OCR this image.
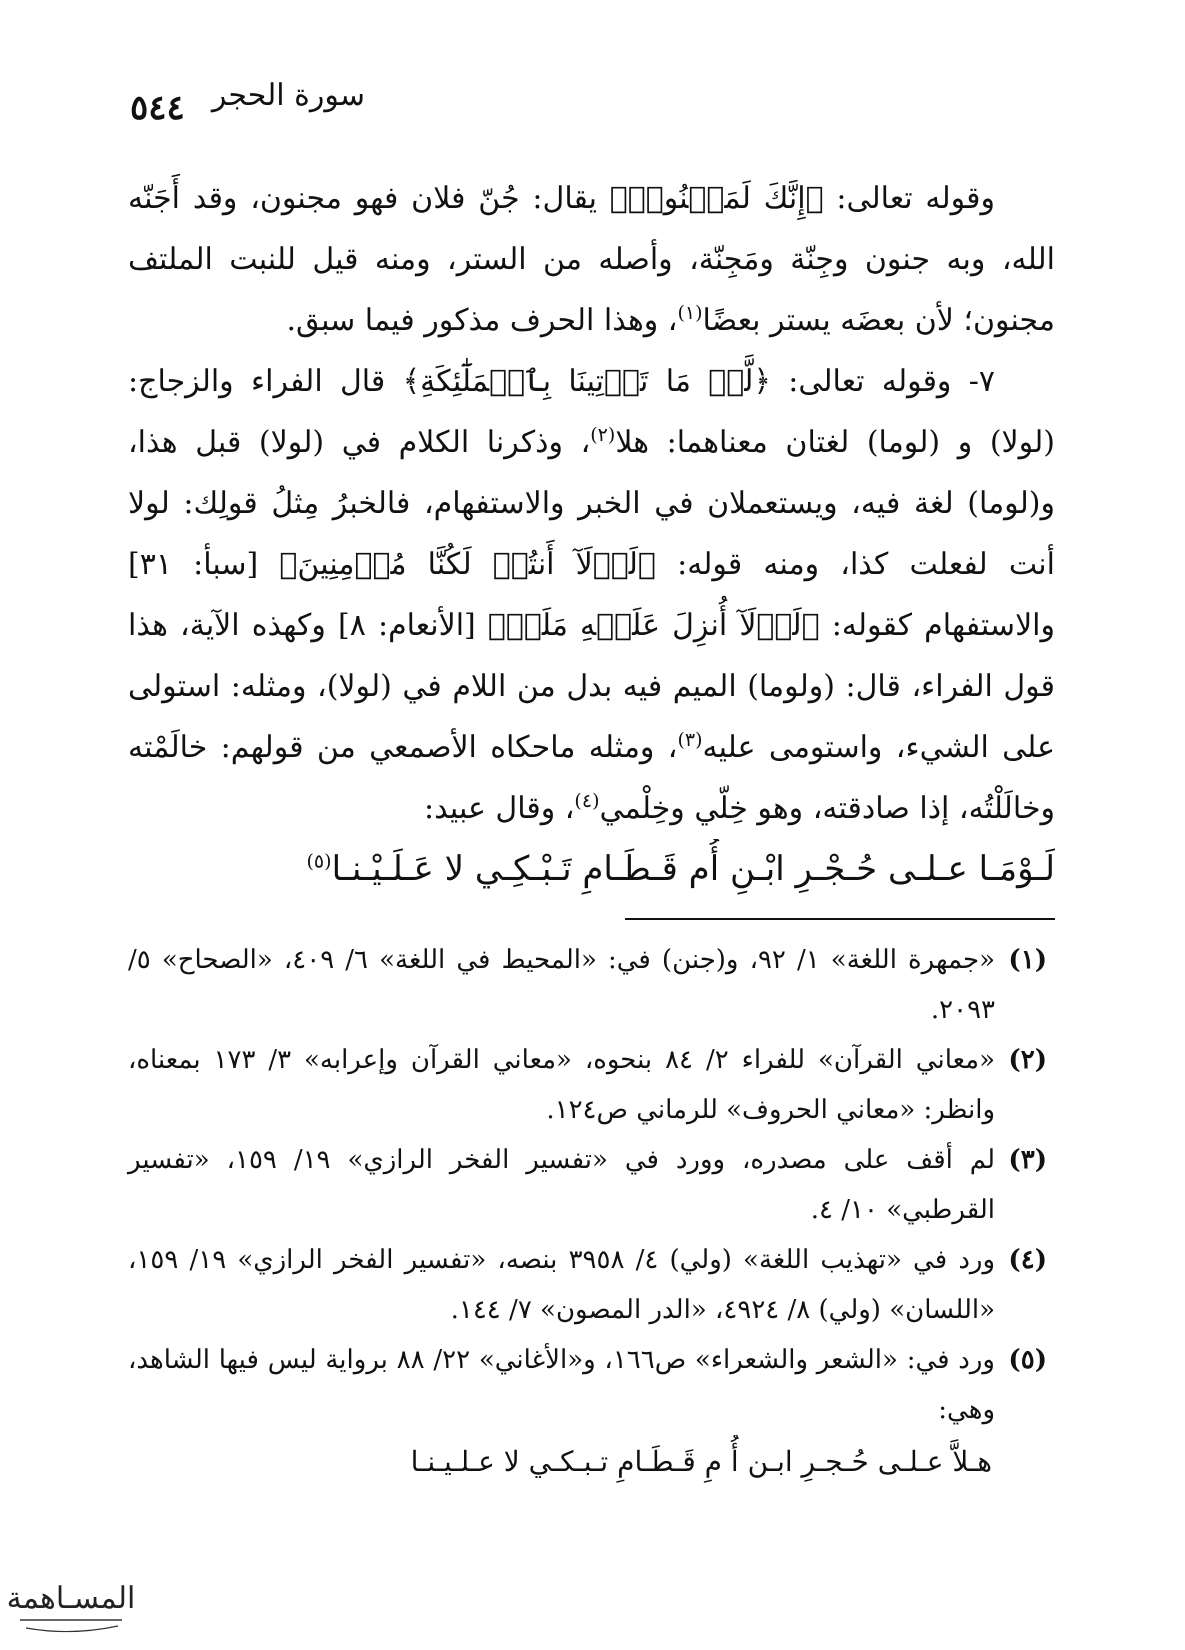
سورة الحجر
٥٤٤

وقوله تعالى: ﴿إِنَّكَ لَمَجۡنُونٞ﴾ يقال: جُنّ فلان فهو مجنون، وقد أَجَنّه الله، وبه جنون وجِنّة ومَجِنّة، وأصله من الستر، ومنه قيل للنبت الملتف مجنون؛ لأن بعضَه يستر بعضًا$^{(١)}$، وهذا الحرف مذكور فيما سبق.

٧- وقوله تعالى: ﴿لَّوۡ مَا تَأۡتِينَا بِٱلۡمَلَٰٓئِكَةِ﴾ قال الفراء والزجاج: (لولا) و (لوما) لغتان معناهما: هلا$^{(٢)}$، وذكرنا الكلام في (لولا) قبل هذا، و(لوما) لغة فيه، ويستعملان في الخبر والاستفهام، فالخبرُ مِثلُ قولِك: لولا أنت لفعلت كذا، ومنه قوله: ﴿لَوۡلَآ أَنتُمۡ لَكُنَّا مُؤۡمِنِينَ﴾ [سبأ: ٣١] والاستفهام كقوله: ﴿لَوۡلَآ أُنزِلَ عَلَيۡهِ مَلَكٞ﴾ [الأنعام: ٨] وكهذه الآية، هذا قول الفراء، قال: (ولوما) الميم فيه بدل من اللام في (لولا)، ومثله: استولى على الشيء، واستومى عليه$^{(٣)}$، ومثله ماحكاه الأصمعي من قولهم: خالَمْته وخالَلْتُه، إذا صادقته، وهو خِلّي وخِلْمي$^{(٤)}$، وقال عبيد:

لَـوْمَـا عـلـى حُـجْـرِ ابْـنِ أُم قَـطَـامِ تَـبْـكِـي لا عَـلَـيْـنـا$^{(٥)}$
(١)
«جمهرة اللغة» ١/ ٩٢، و(جنن) في: «المحيط في اللغة» ٦/ ٤٠٩، «الصحاح» ٥/ ٢٠٩٣.
(٢)
«معاني القرآن» للفراء ٢/ ٨٤ بنحوه، «معاني القرآن وإعرابه» ٣/ ١٧٣ بمعناه، وانظر: «معاني الحروف» للرماني ص١٢٤.
(٣)
لم أقف على مصدره، وورد في «تفسير الفخر الرازي» ١٩/ ١٥٩، «تفسير القرطبي» ١٠/ ٤.
(٤)
ورد في «تهذيب اللغة» (ولي) ٤/ ٣٩٥٨ بنصه، «تفسير الفخر الرازي» ١٩/ ١٥٩، «اللسان» (ولي) ٨/ ٤٩٢٤، «الدر المصون» ٧/ ١٤٤.
(٥)
ورد في: «الشعر والشعراء» ص١٦٦، و«الأغاني» ٢٢/ ٨٨ برواية ليس فيها الشاهد، وهي:
هـلاَّ عـلـى حُـجـرِ ابـن أُ مِ قَـطَـامِ تـبـكـي لا عـلـيـنـا
المسـاهمة
